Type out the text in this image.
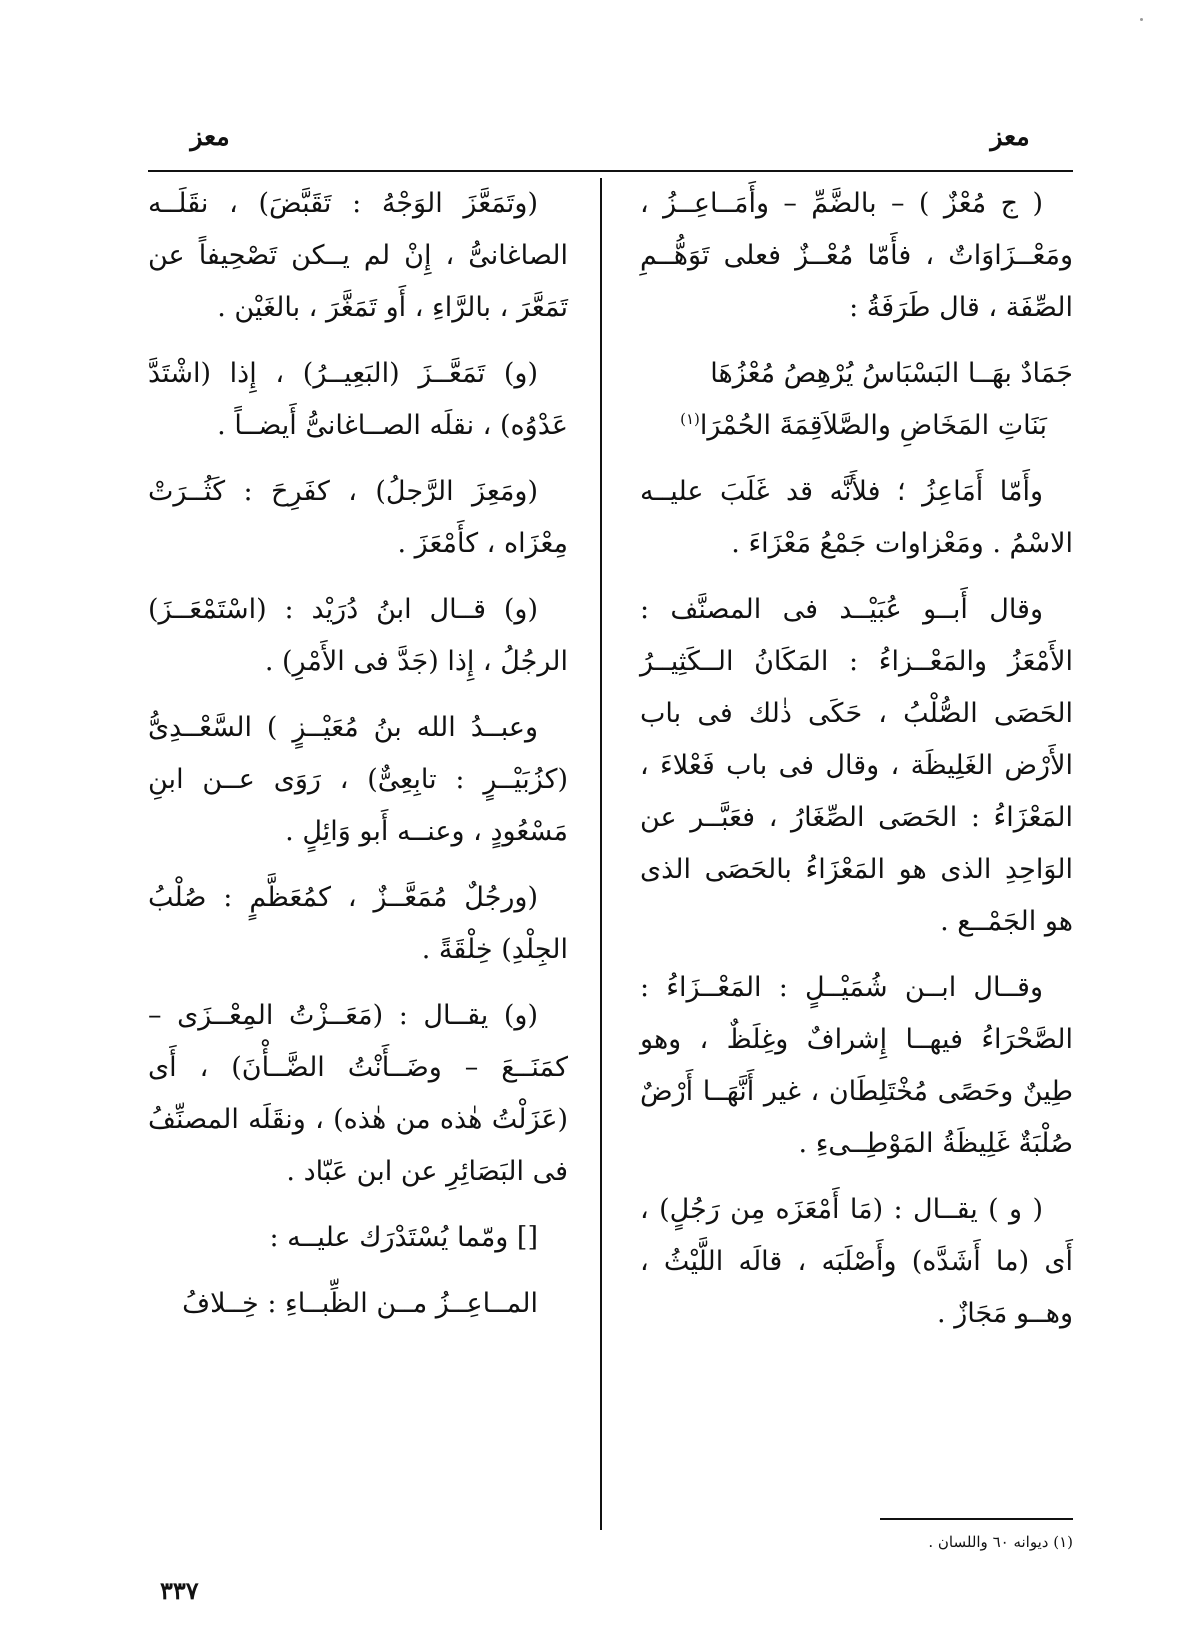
معز
معز

( ج مُعْزٌ ) – بالضَّمِّ – وأَمَــاعِــزُ ، ومَعْــزَاوَاتٌ ، فأَمّا مُعْــزٌ فعلى تَوَهُّــمِ الصِّفَة ، قال طَرَفَةُ :

جَمَادٌ بهَــا البَسْبَاسُ يُرْهِصُ مُعْزُهَا
بَنَاتِ المَخَاضِ والصَّلاَقِمَةَ الحُمْرَا$^{(١)}$

وأَمّا أَمَاعِزُ ؛ فلأَنَّه قد غَلَبَ عليــه الاسْمُ . ومَعْزاوات جَمْعُ مَعْزَاءَ .

وقال أَبــو عُبَيْــد فى المصنَّف : الأَمْعَزُ والمَعْــزاءُ : المَكَانُ الــكَثِيــرُ الحَصَى الصُّلْبُ ، حَكَى ذٰلك فى باب الأَرْض الغَلِيظَة ، وقال فى باب فَعْلاءَ ، المَعْزَاءُ : الحَصَى الصِّغَارُ ، فعَبَّــر عن الوَاحِدِ الذى هو المَعْزَاءُ بالحَصَى الذى هو الجَمْــع .

وقــال ابــن شُمَيْــلٍ : المَعْــزَاءُ : الصَّحْرَاءُ فيهــا إِشرافٌ وغِلَظٌ ، وهو طِينٌ وحَصًى مُخْتَلِطَان ، غير أَنَّهَــا أَرْضٌ صُلْبَةٌ غَلِيظَةُ المَوْطِــىءِ .

( و ) يقــال : (مَا أَمْعَزَه مِن رَجُلٍ) ، أَى (ما أَشَدَّه) وأَصْلَبَه ، قالَه اللَّيْثُ ، وهــو مَجَازٌ .

(وتَمَعَّزَ الوَجْهُ : تَقَبَّضَ) ، نقَلَــه الصاغانىُّ ، إِنْ لم يــكن تَصْحِيفاً عن تَمَعَّرَ ، بالرَّاءِ ، أَو تَمَغَّرَ ، بالغَيْن .

(و) تَمَعَّــزَ (البَعِيــرُ) ، إِذا (اشْتَدَّ عَدْوُه) ، نقلَه الصــاغانىُّ أَيضــاً .

(ومَعِزَ الرَّجلُ) ، كفَرِحَ : كَثُــرَتْ مِعْزَاه ، كأَمْعَزَ .

(و) قــال ابنُ دُرَيْد : (اسْتَمْعَــزَ) الرجُلُ ، إِذا (جَدَّ فى الأَمْرِ) .

وعبــدُ الله بنُ مُعَيْــزٍ ) السَّعْــدِىُّ (كزُبَيْــرٍ : تابِعِىٌّ) ، رَوَى عــن ابنِ مَسْعُودٍ ، وعنــه أَبو وَائِلٍ .

(ورجُلٌ مُمَعَّــزٌ ، كمُعَظَّمٍ : صُلْبُ الجِلْدِ) خِلْقَةً .

(و) يقــال : (مَعَــزْتُ المِعْــزَى – كمَنَــعَ – وضَــأَنْتُ الضَّــأْنَ) ، أَى (عَزَلْتُ هٰذه من هٰذه) ، ونقَلَه المصنِّفُ فى البَصَائِرِ عن ابن عَبّاد .

[] ومّما يُسْتَدْرَك عليــه :

المــاعِــزُ مــن الظِّبــاءِ : خِــلافُ

(١) ديوانه ٦٠ واللسان .
٣٣٧
